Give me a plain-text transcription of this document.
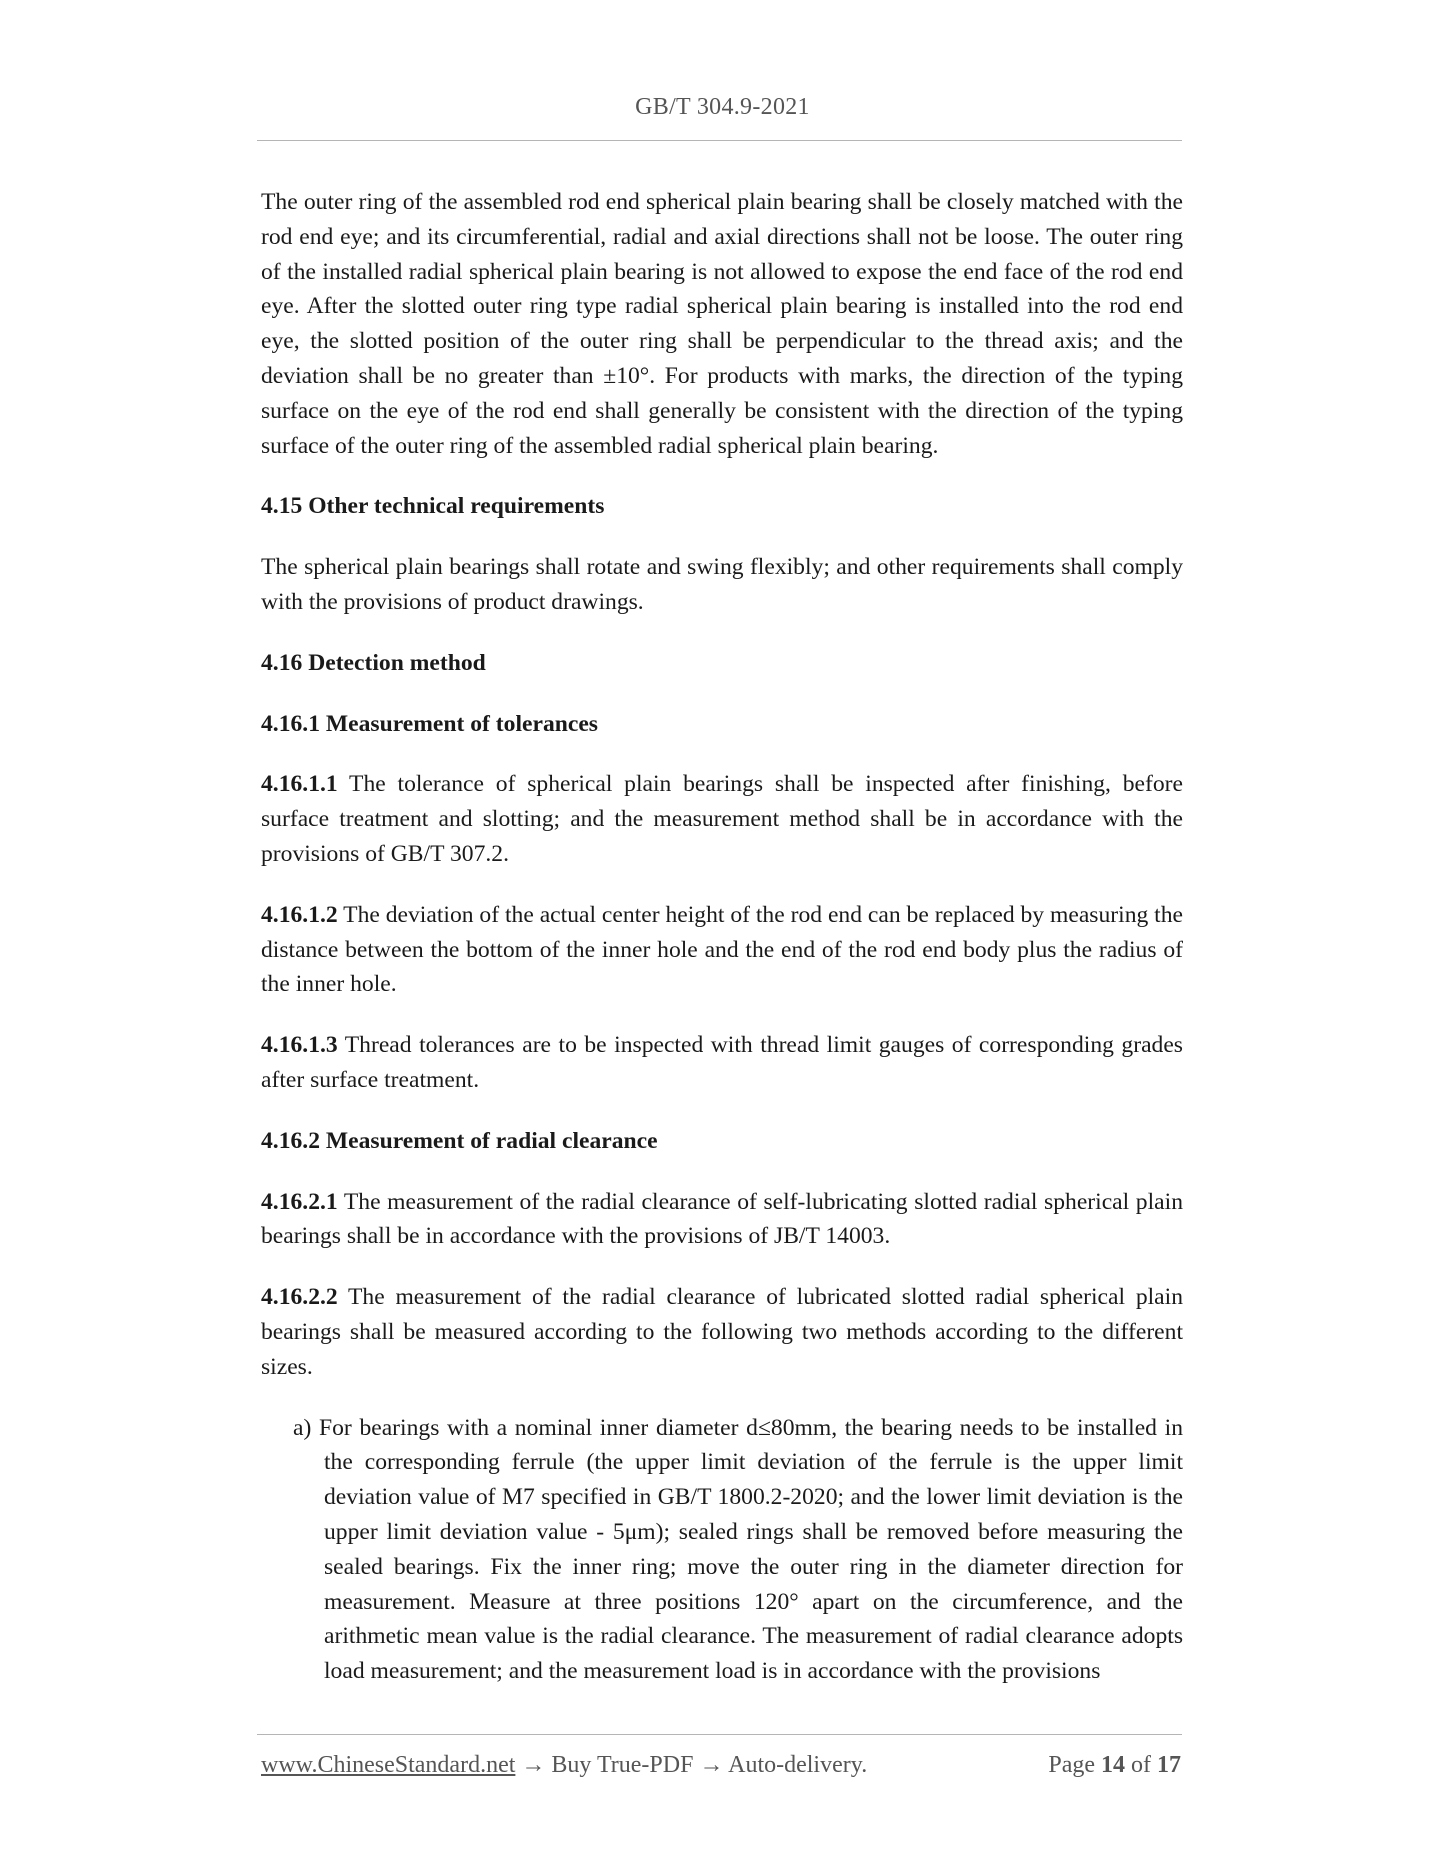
GB/T 304.9-2021

The outer ring of the assembled rod end spherical plain bearing shall be closely matched with the rod end eye; and its circumferential, radial and axial directions shall not be loose. The outer ring of the installed radial spherical plain bearing is not allowed to expose the end face of the rod end eye. After the slotted outer ring type radial spherical plain bearing is installed into the rod end eye, the slotted position of the outer ring shall be perpendicular to the thread axis; and the deviation shall be no greater than ±10°. For products with marks, the direction of the typing surface on the eye of the rod end shall generally be consistent with the direction of the typing surface of the outer ring of the assembled radial spherical plain bearing.

4.15 Other technical requirements

The spherical plain bearings shall rotate and swing flexibly; and other requirements shall comply with the provisions of product drawings.

4.16 Detection method

4.16.1 Measurement of tolerances

4.16.1.1 The tolerance of spherical plain bearings shall be inspected after finishing, before surface treatment and slotting; and the measurement method shall be in accordance with the provisions of GB/T 307.2.

4.16.1.2 The deviation of the actual center height of the rod end can be replaced by measuring the distance between the bottom of the inner hole and the end of the rod end body plus the radius of the inner hole.

4.16.1.3 Thread tolerances are to be inspected with thread limit gauges of corresponding grades after surface treatment.

4.16.2 Measurement of radial clearance

4.16.2.1 The measurement of the radial clearance of self-lubricating slotted radial spherical plain bearings shall be in accordance with the provisions of JB/T 14003.

4.16.2.2 The measurement of the radial clearance of lubricated slotted radial spherical plain bearings shall be measured according to the following two methods according to the different sizes.

a) For bearings with a nominal inner diameter d≤80mm, the bearing needs to be installed in the corresponding ferrule (the upper limit deviation of the ferrule is the upper limit deviation value of M7 specified in GB/T 1800.2-2020; and the lower limit deviation is the upper limit deviation value - 5μm); sealed rings shall be removed before measuring the sealed bearings. Fix the inner ring; move the outer ring in the diameter direction for measurement. Measure at three positions 120° apart on the circumference, and the arithmetic mean value is the radial clearance. The measurement of radial clearance adopts load measurement; and the measurement load is in accordance with the provisions

www.ChineseStandard.net → Buy True-PDF → Auto-delivery.	Page 14 of 17
